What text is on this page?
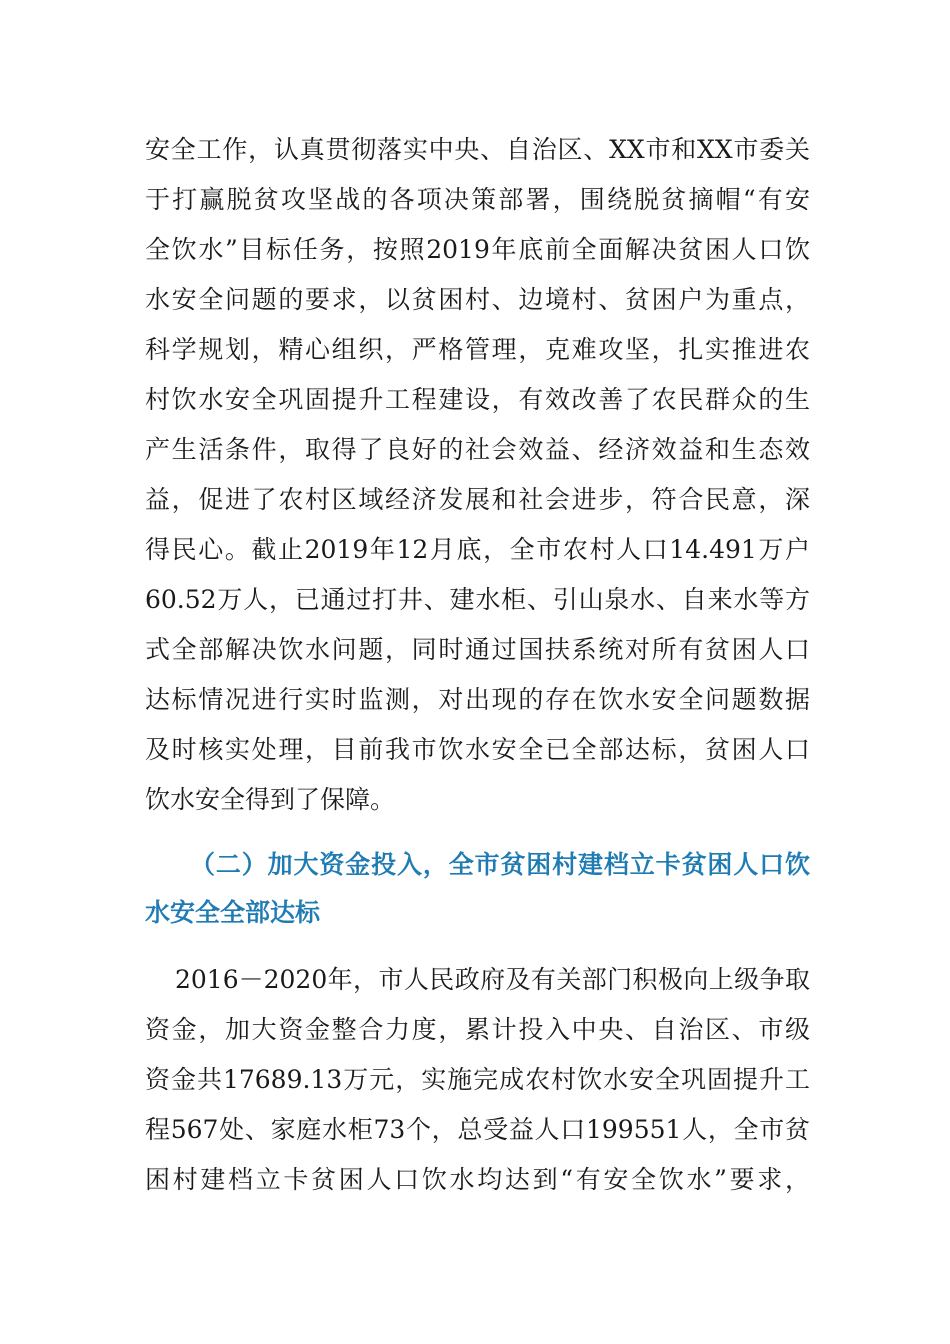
安全工作，认真贯彻落实中央、自治区、XX市和XX市委关
于打赢脱贫攻坚战的各项决策部署，围绕脱贫摘帽“有安
全饮水”目标任务，按照2019年底前全面解决贫困人口饮
水安全问题的要求，以贫困村、边境村、贫困户为重点，
科学规划，精心组织，严格管理，克难攻坚，扎实推进农
村饮水安全巩固提升工程建设，有效改善了农民群众的生
产生活条件，取得了良好的社会效益、经济效益和生态效
益，促进了农村区域经济发展和社会进步，符合民意，深
得民心。截止2019年12月底，全市农村人口14.491万户
60.52万人，已通过打井、建水柜、引山泉水、自来水等方
式全部解决饮水问题，同时通过国扶系统对所有贫困人口
达标情况进行实时监测，对出现的存在饮水安全问题数据
及时核实处理，目前我市饮水安全已全部达标，贫困人口
饮水安全得到了保障。
（二）加大资金投入，全市贫困村建档立卡贫困人口饮
水安全全部达标
2016－2020年，市人民政府及有关部门积极向上级争取
资金，加大资金整合力度，累计投入中央、自治区、市级
资金共17689.13万元，实施完成农村饮水安全巩固提升工
程567处、家庭水柜73个，总受益人口199551人，全市贫
困村建档立卡贫困人口饮水均达到“有安全饮水”要求，
